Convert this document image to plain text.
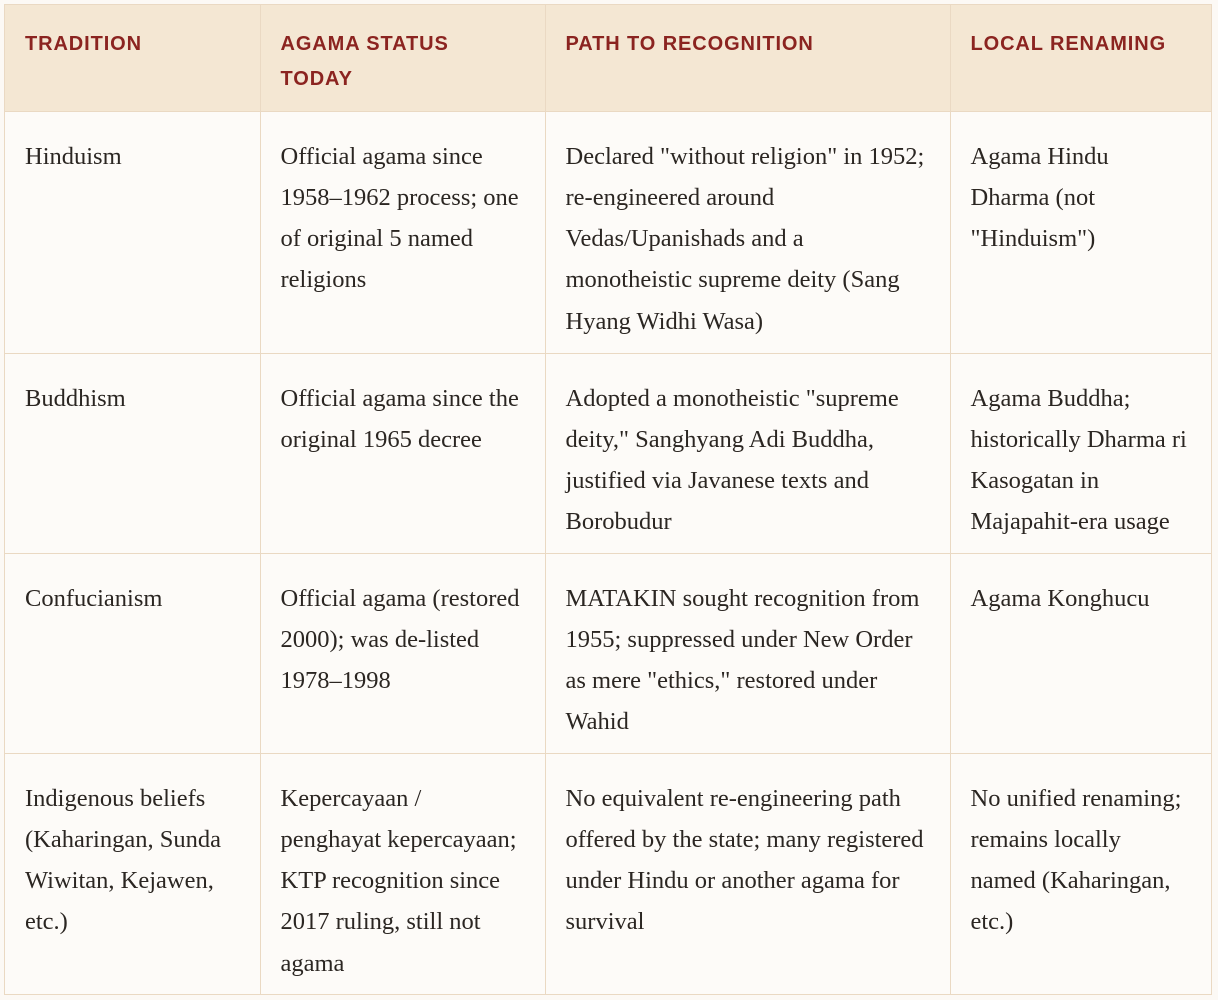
TRADITION	AGAMA STATUS TODAY	PATH TO RECOGNITION	LOCAL RENAMING
Hinduism	Official agama since 1958–1962 process; one of original 5 named religions	Declared "without religion" in 1952; re-engineered around Vedas/Upanishads and a monotheistic supreme deity (Sang Hyang Widhi Wasa)	Agama Hindu Dharma (not "Hinduism")
Buddhism	Official agama since the original 1965 decree	Adopted a monotheistic "supreme deity," Sanghyang Adi Buddha, justified via Javanese texts and Borobudur	Agama Buddha; historically Dharma ri Kasogatan in Majapahit-era usage
Confucianism	Official agama (restored 2000); was de-listed 1978–1998	MATAKIN sought recognition from 1955; suppressed under New Order as mere "ethics," restored under Wahid	Agama Konghucu
Indigenous beliefs (Kaharingan, Sunda Wiwitan, Kejawen, etc.)	Kepercayaan / penghayat kepercayaan; KTP recognition since 2017 ruling, still not agama	No equivalent re-engineering path offered by the state; many registered under Hindu or another agama for survival	No unified renaming; remains locally named (Kaharingan, etc.)
